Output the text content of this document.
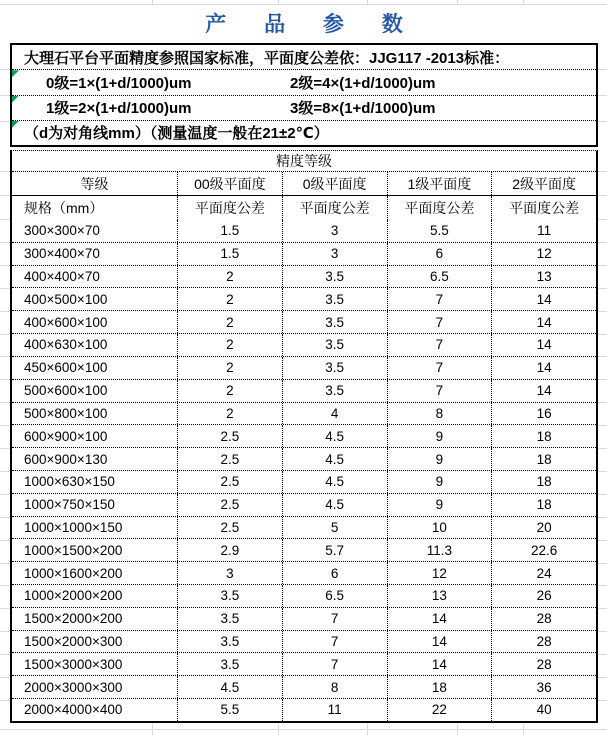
产 品 参 数
大理石平台平面精度参照国家标准，平面度公差依：JJG117 -2013标准：
0级=1×(1+d/1000)um	2级=4×(1+d/1000)um
1级=2×(1+d/1000)um	3级=8×(1+d/1000)um
（d为对角线mm）（测量温度一般在21±2℃）
精度等级
等级	00级平面度	0级平面度	1级平面度	2级平面度
规格（mm）	平面度公差	平面度公差	平面度公差	平面度公差
300×300×70	1.5	3	5.5	11
300×400×70	1.5	3	6	12
400×400×70	2	3.5	6.5	13
400×500×100	2	3.5	7	14
400×600×100	2	3.5	7	14
400×630×100	2	3.5	7	14
450×600×100	2	3.5	7	14
500×600×100	2	3.5	7	14
500×800×100	2	4	8	16
600×900×100	2.5	4.5	9	18
600×900×130	2.5	4.5	9	18
1000×630×150	2.5	4.5	9	18
1000×750×150	2.5	4.5	9	18
1000×1000×150	2.5	5	10	20
1000×1500×200	2.9	5.7	11.3	22.6
1000×1600×200	3	6	12	24
1000×2000×200	3.5	6.5	13	26
1500×2000×200	3.5	7	14	28
1500×2000×300	3.5	7	14	28
1500×3000×300	3.5	7	14	28
2000×3000×300	4.5	8	18	36
2000×4000×400	5.5	11	22	40
